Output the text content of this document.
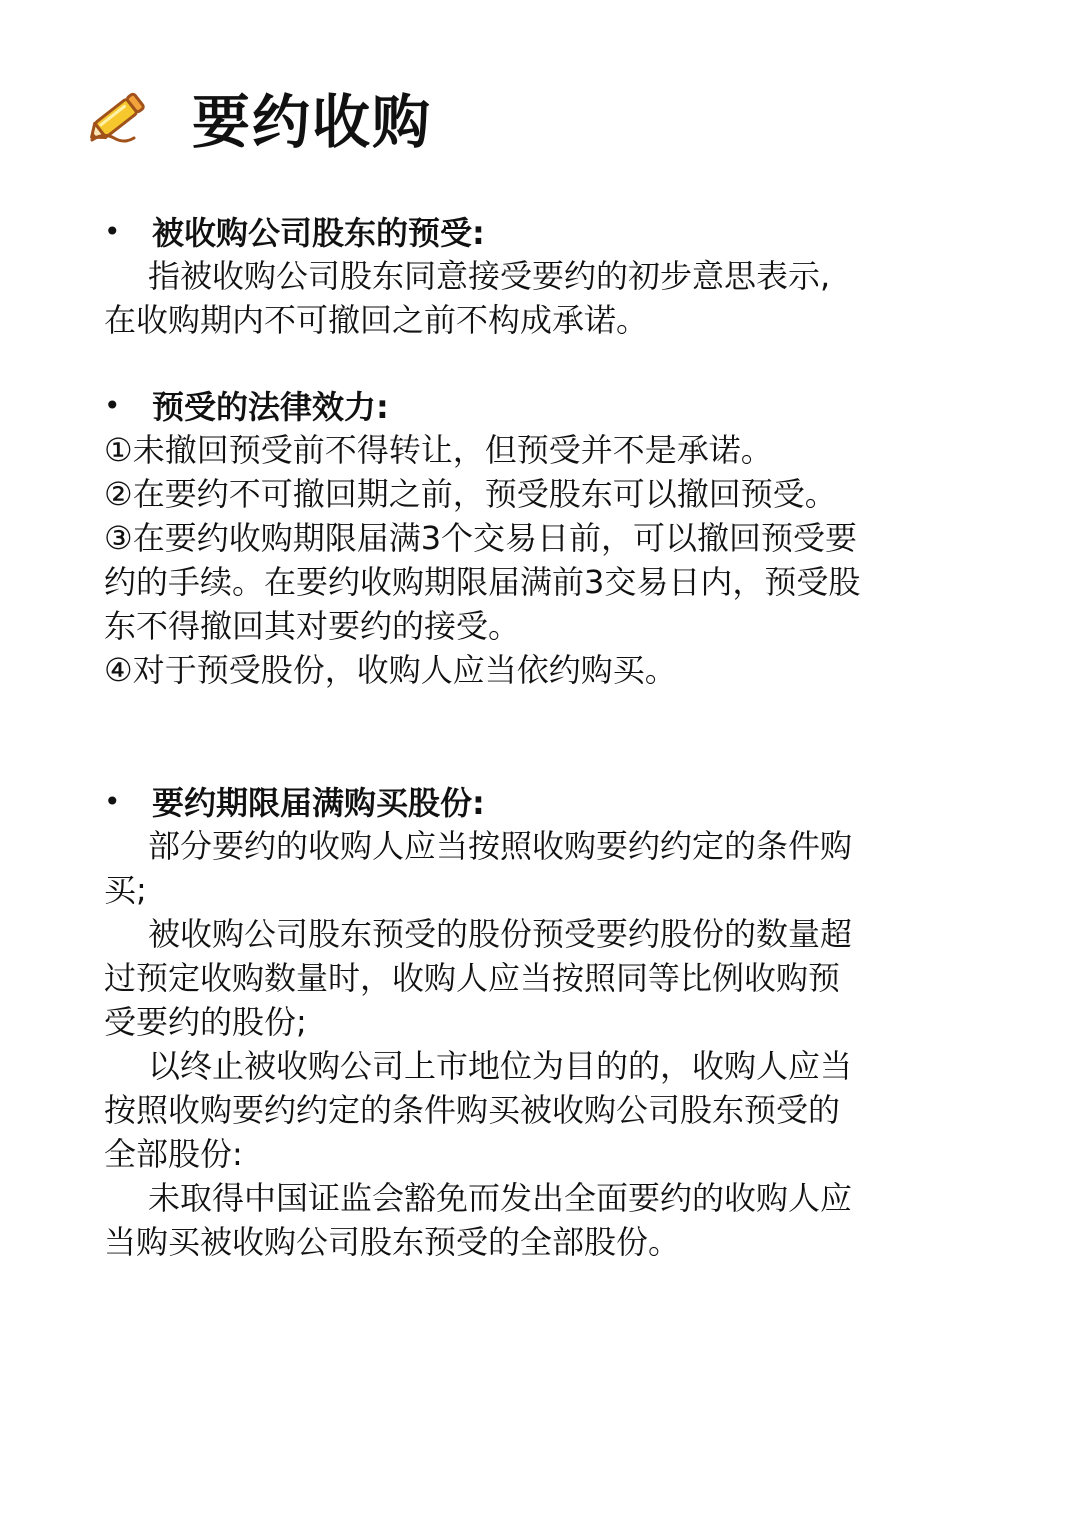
要约收购
• 被收购公司股东的预受:
指被收购公司股东同意接受要约的初步意思表示,
在收购期内不可撤回之前不构成承诺。
• 预受的法律效力:
①未撤回预受前不得转让，但预受并不是承诺。
②在要约不可撤回期之前，预受股东可以撤回预受。
③在要约收购期限届满3个交易日前，可以撤回预受要
约的手续。在要约收购期限届满前3交易日内，预受股
东不得撤回其对要约的接受。
④对于预受股份，收购人应当依约购买。
• 要约期限届满购买股份:
部分要约的收购人应当按照收购要约约定的条件购
买;
被收购公司股东预受的股份预受要约股份的数量超
过预定收购数量时，收购人应当按照同等比例收购预
受要约的股份;
以终止被收购公司上市地位为目的的，收购人应当
按照收购要约约定的条件购买被收购公司股东预受的
全部股份:
未取得中国证监会豁免而发出全面要约的收购人应
当购买被收购公司股东预受的全部股份。
